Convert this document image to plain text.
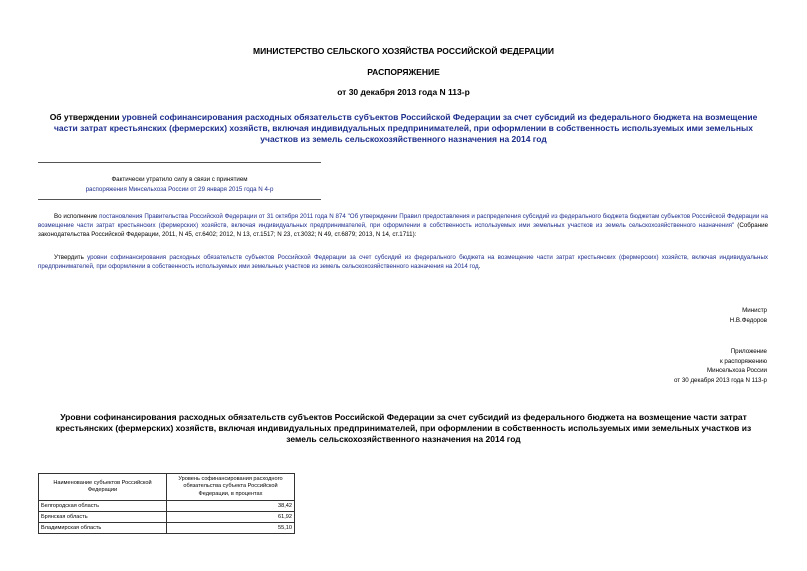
МИНИСТЕРСТВО СЕЛЬСКОГО ХОЗЯЙСТВА РОССИЙСКОЙ ФЕДЕРАЦИИ
РАСПОРЯЖЕНИЕ
от 30 декабря 2013 года N 113-р
Об утверждении уровней софинансирования расходных обязательств субъектов Российской Федерации за счет субсидий из федерального бюджета на возмещение части затрат крестьянских (фермерских) хозяйств, включая индивидуальных предпринимателей, при оформлении в собственность используемых ими земельных участков из земель сельскохозяйственного назначения на 2014 год
Фактически утратило силу в связи с принятием
распоряжения Минсельхоза России от 29 января 2015 года N 4-р
Во исполнение постановления Правительства Российской Федерации от 31 октября 2011 года N 874 "Об утверждении Правил предоставления и распределения субсидий из федерального бюджета бюджетам субъектов Российской Федерации на возмещение части затрат крестьянских (фермерских) хозяйств, включая индивидуальных предпринимателей, при оформлении в собственность используемых ими земельных участков из земель сельскохозяйственного назначения" (Собрание законодательства Российской Федерации, 2011, N 45, ст.6402; 2012, N 13, ст.1517; N 23, ст.3032; N 49, ст.6879; 2013, N 14, ст.1711):
Утвердить уровни софинансирования расходных обязательств субъектов Российской Федерации за счет субсидий из федерального бюджета на возмещение части затрат крестьянских (фермерских) хозяйств, включая индивидуальных предпринимателей, при оформлении в собственность используемых ими земельных участков из земель сельскохозяйственного назначения на 2014 год.
Министр
Н.В.Федоров
Приложение
к распоряжению
Минсельхоза России
от 30 декабря 2013 года N 113-р
Уровни софинансирования расходных обязательств субъектов Российской Федерации за счет субсидий из федерального бюджета на возмещение части затрат крестьянских (фермерских) хозяйств, включая индивидуальных предпринимателей, при оформлении в собственность используемых ими земельных участков из земель сельскохозяйственного назначения на 2014 год
Наименование субъектов Российской Федерации	Уровень софинансирования расходного обязательства субъекта Российской Федерации, в процентах
Белгородская область	38,42
Брянская область	61,92
Владимирская область	55,10
